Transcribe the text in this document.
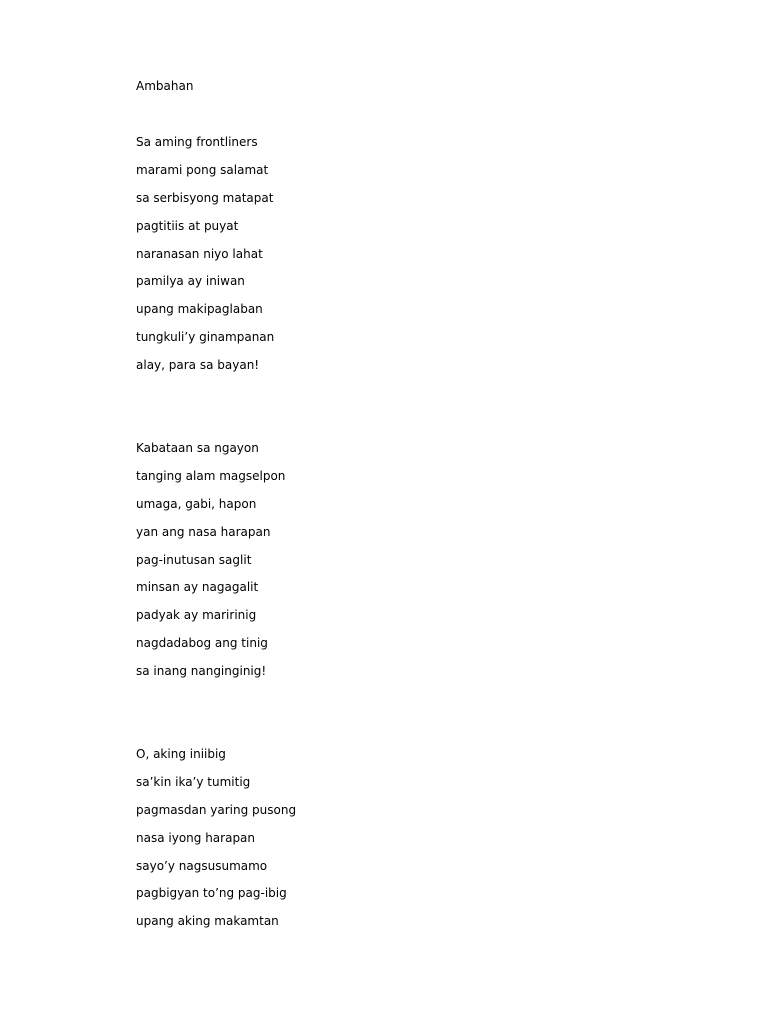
Ambahan
Sa aming frontliners
marami pong salamat
sa serbisyong matapat
pagtitiis at puyat
naranasan niyo lahat
pamilya ay iniwan
upang makipaglaban
tungkuli’y ginampanan
alay, para sa bayan!
Kabataan sa ngayon
tanging alam magselpon
umaga, gabi, hapon
yan ang nasa harapan
pag-inutusan saglit
minsan ay nagagalit
padyak ay maririnig
nagdadabog ang tinig
sa inang nanginginig!
O, aking iniibig
sa’kin ika’y tumitig
pagmasdan yaring pusong
nasa iyong harapan
sayo’y nagsusumamo
pagbigyan to’ng pag-ibig
upang aking makamtan
